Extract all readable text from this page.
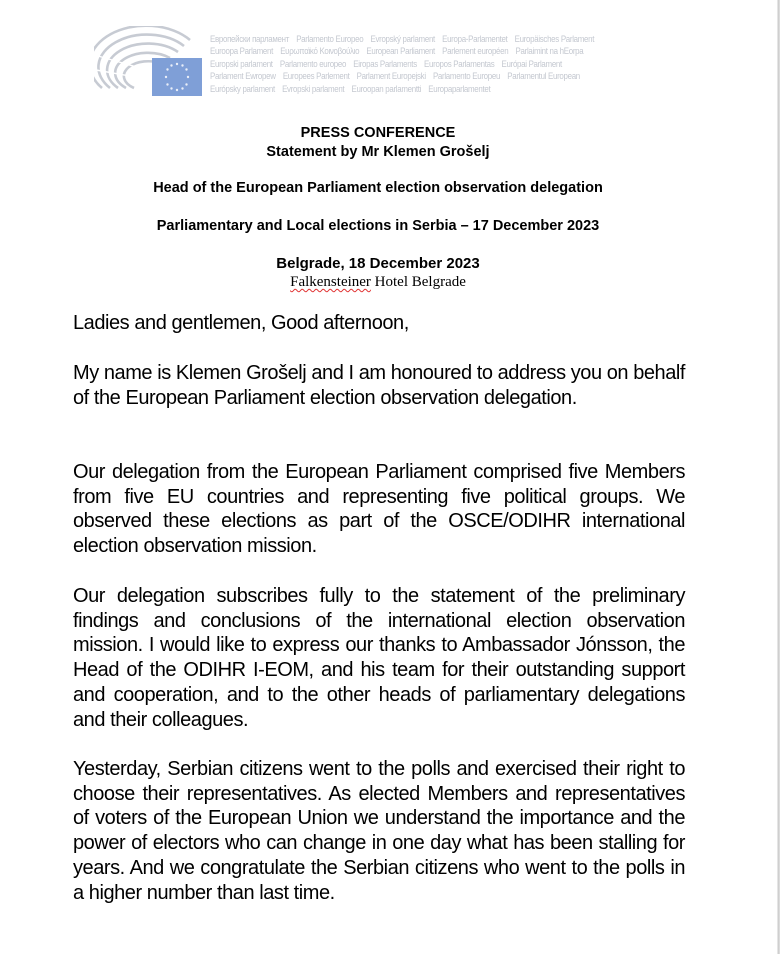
Европейски парламент Parlamento Europeo Evropský parlament Europa-Parlamentet Europäisches Parlament
Euroopa Parlament Ευρωπαϊκό Κοινοβούλιο European Parliament Parlement européen Parlaimint na hEorpa
Europski parlament Parlamento europeo Eiropas Parlaments Europos Parlamentas Európai Parlament
Parlament Ewropew Europees Parlement Parlament Europejski Parlamento Europeu Parlamentul European
Európsky parlament Evropski parlament Euroopan parlamentti Europaparlamentet
PRESS CONFERENCE
Statement by Mr Klemen Grošelj
Head of the European Parliament election observation delegation
Parliamentary and Local elections in Serbia – 17 December 2023
Belgrade, 18 December 2023
Falkensteiner Hotel Belgrade

Ladies and gentlemen, Good afternoon,

My name is Klemen Grošelj and I am honoured to address you on behalf of the European Parliament election observation delegation.

Our delegation from the European Parliament comprised five Members from five EU countries and representing five political groups. We observed these elections as part of the OSCE/ODIHR international election observation mission.

Our delegation subscribes fully to the statement of the preliminary findings and conclusions of the international election observation mission. I would like to express our thanks to Ambassador Jónsson, the Head of the ODIHR I-EOM, and his team for their outstanding support and cooperation, and to the other heads of parliamentary delegations and their colleagues.

Yesterday, Serbian citizens went to the polls and exercised their right to choose their representatives. As elected Members and representatives of voters of the European Union we understand the importance and the power of electors who can change in one day what has been stalling for years. And we congratulate the Serbian citizens who went to the polls in a higher number than last time.
